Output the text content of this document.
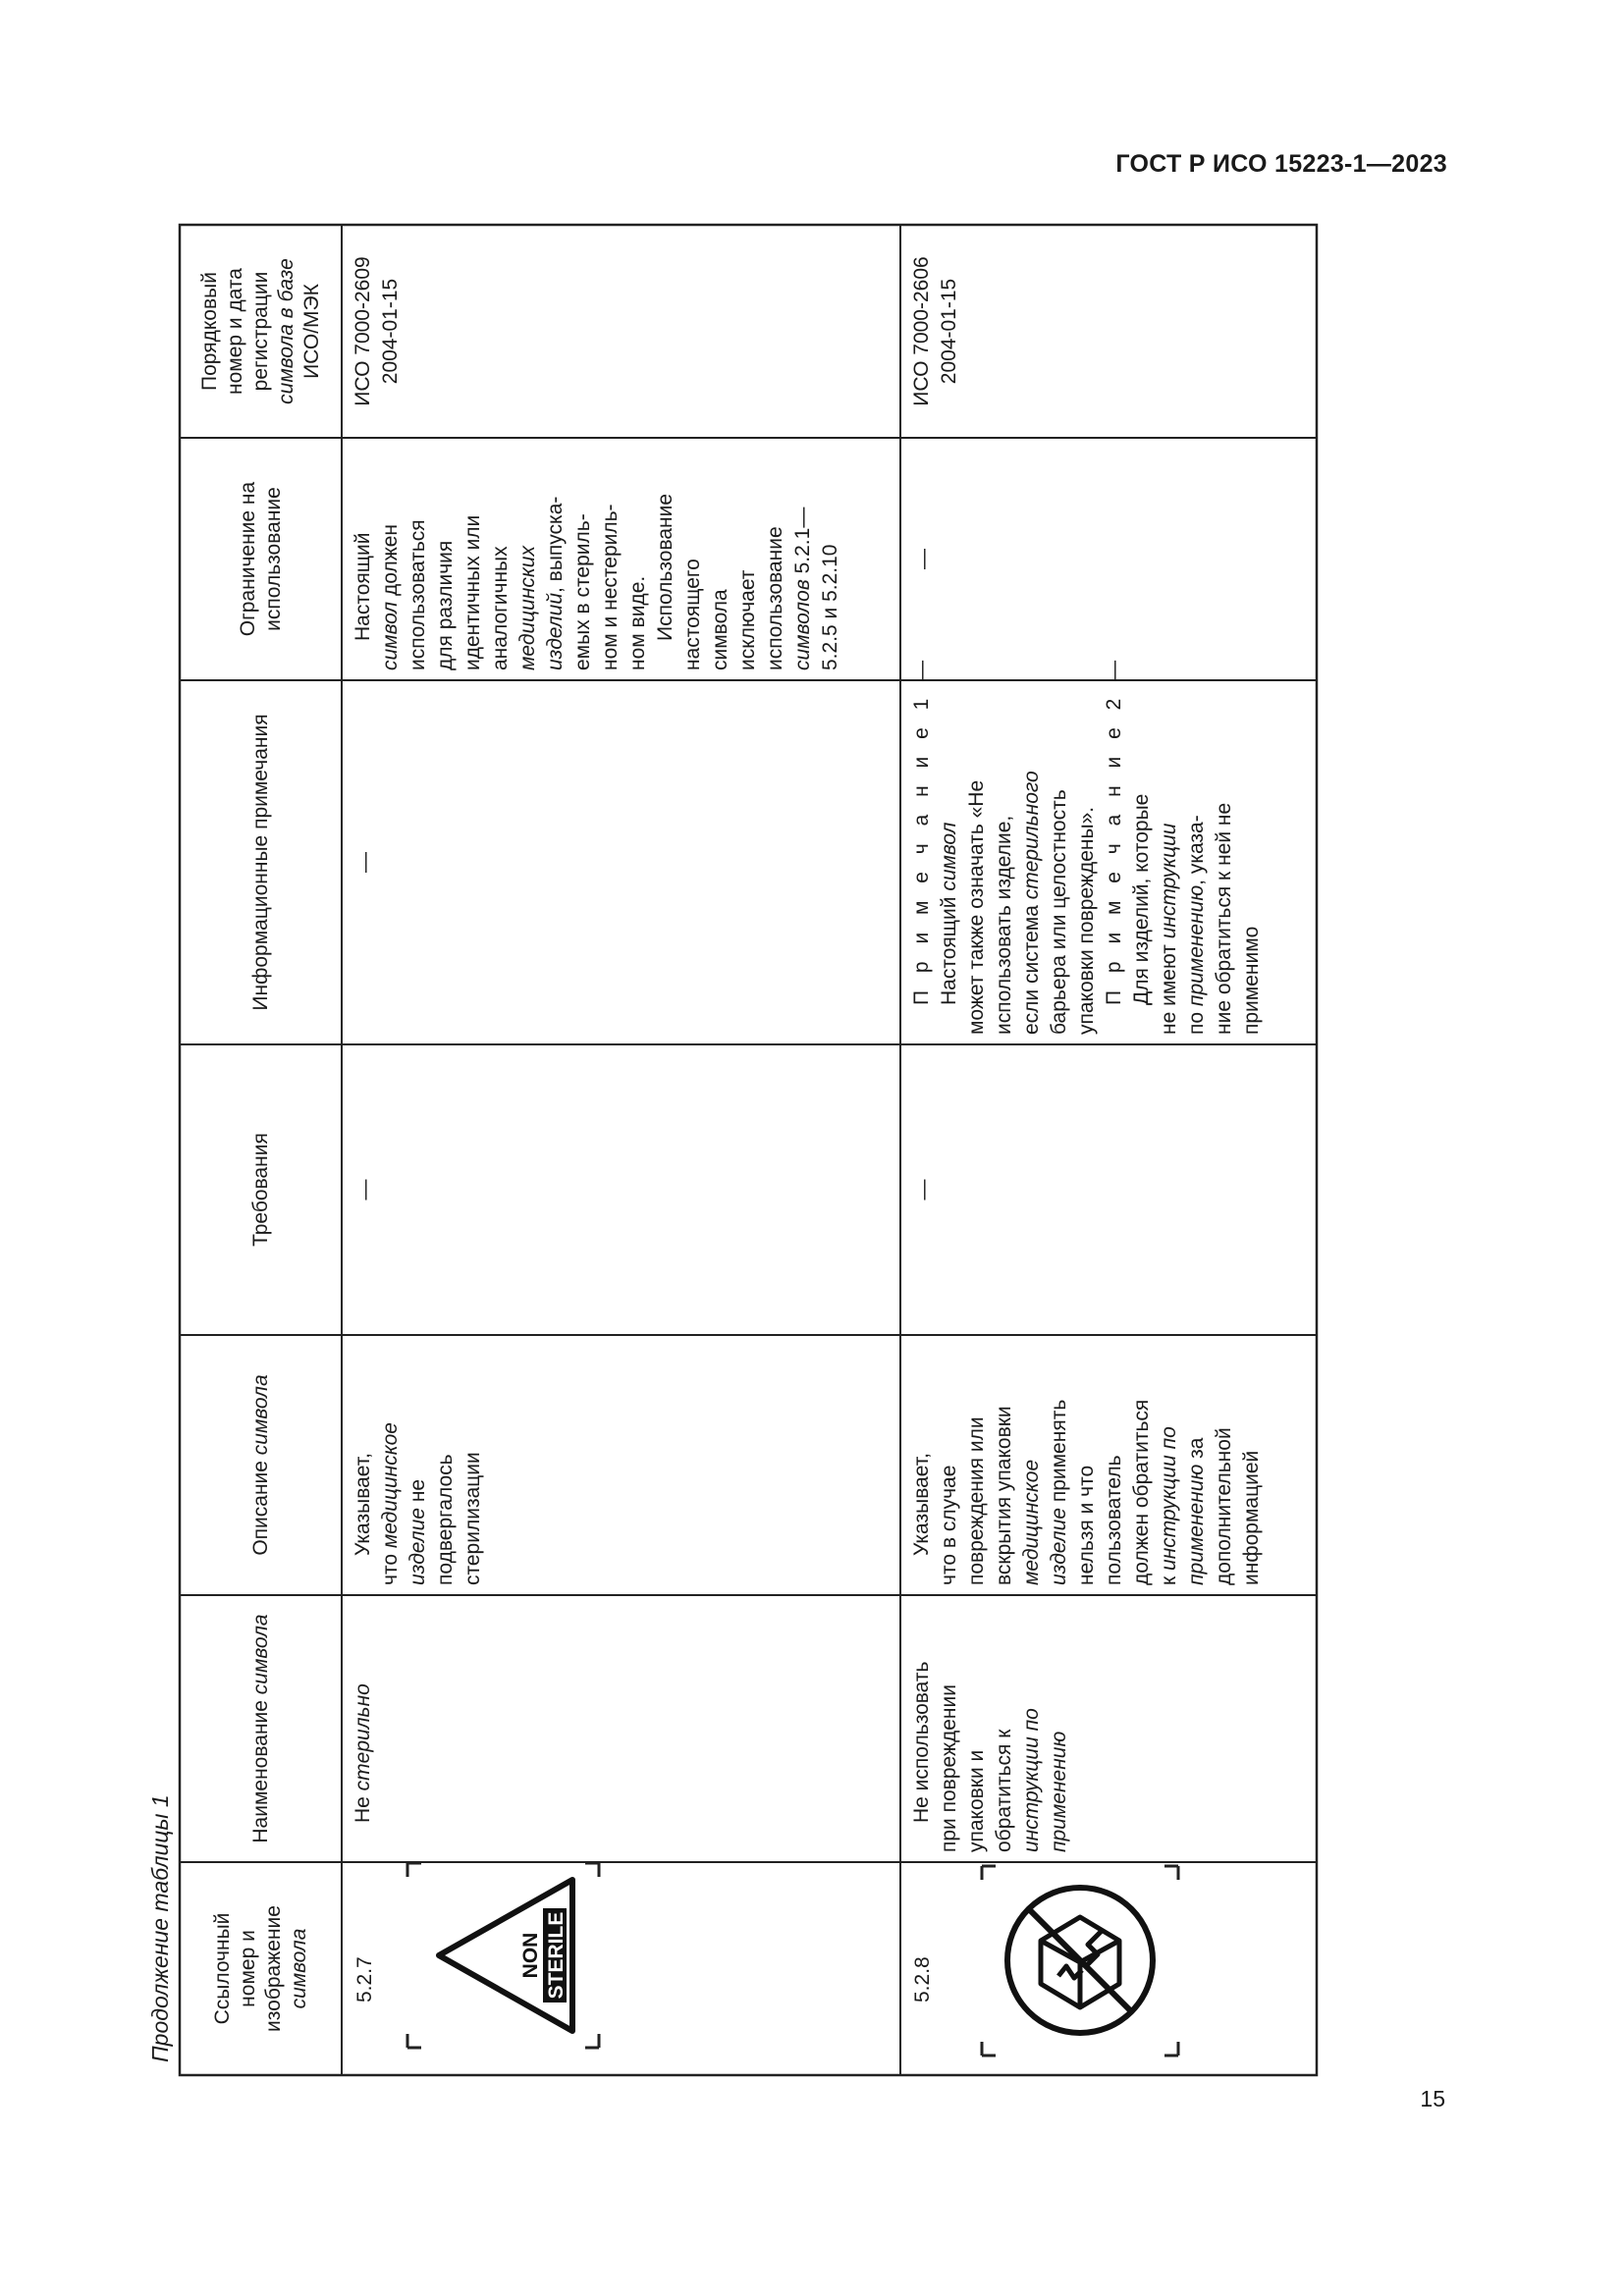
ГОСТ Р ИСО 15223-1—2023
Продолжение таблицы 1
15
Порядковый номер и дата регистрации символа в базе ИСО/МЭК
Ограничение на использование
Информационные примечания
Требования
Описание символа
Наименование символа
Ссылочный номер и изображение символа
ИСО 7000-2609 2004-01-15
Настоящий символ должен использоваться для различия идентичных или аналогичных медицинских изделий, выпуска- емых в стериль- ном и нестериль- ном виде. Использование настоящего символа исключает использование символов 5.2.1—
5.2.5 и 5.2.10
—
—
Указывает,
что медицинское изделие не подвергалось стерилизации
Не стерильно
5.2.7	STERILE
NON
ИСО 7000-2606 2004-01-15
—
П р и м е ч а н и е 1 — Настоящий символ может также означать «Не использовать изделие, если система стерильного барьера или целостность упаковки повреждены». П р и м е ч а н и е 2 — Для изделий, которые не имеют инструкции
по применению, указа- ние обратиться к ней не применимо
—
Указывает, что в случае повреждения или вскрытия упаковки медицинское изделие применять
нельзя и что пользователь должен обратиться к инструкции по применению за дополнительной информацией
Не использовать при повреждении упаковки и обратиться к инструкции по применению
5.2.8
